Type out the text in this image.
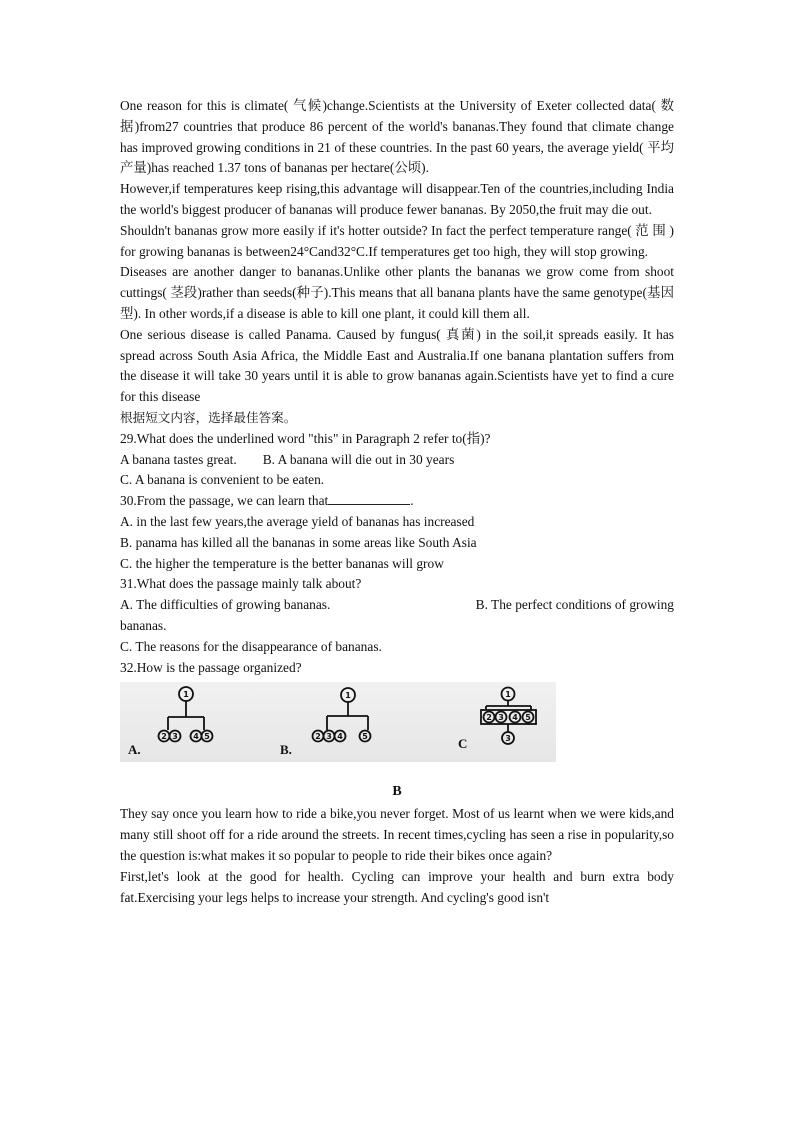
One reason for this is climate( 气候)change.Scientists at the University of Exeter collected data( 数据)from27 countries that produce 86 percent of the world's bananas.They found that climate change has improved growing conditions in 21 of these countries. In the past 60 years, the average yield( 平均产量)has reached 1.37 tons of bananas per hectare(公顷).

However,if temperatures keep rising,this advantage will disappear.Ten of the countries,including India the world's biggest producer of bananas will produce fewer bananas. By 2050,the fruit may die out.

Shouldn't bananas grow more easily if it's hotter outside? In fact the perfect temperature range( 范 围 ) for growing bananas is between24°Cand32°C.If temperatures get too high, they will stop growing.

Diseases are another danger to bananas.Unlike other plants the bananas we grow come from shoot cuttings( 茎段)rather than seeds(种子).This means that all banana plants have the same genotype(基因型). In other words,if a disease is able to kill one plant, it could kill them all.

One serious disease is called Panama. Caused by fungus( 真菌) in the soil,it spreads easily. It has spread across South Asia Africa, the Middle East and Australia.If one banana plantation suffers from the disease it will take 30 years until it is able to grow bananas again.Scientists have yet to find a cure for this disease

根据短文内容，选择最佳答案。

29.What does the underlined word "this" in Paragraph 2 refer to(指)?

A banana tastes great. B. A banana will die out in 30 years

C. A banana is convenient to be eaten.

30.From the passage, we can learn that	.

A. in the last few years,the average yield of bananas has increased

B. panama has killed all the bananas in some areas like South Asia

C. the higher the temperature is the better bananas will grow

31.What does the passage mainly talk about?

A. The difficulties of growing bananas.	B. The perfect conditions of growing

bananas.

C. The reasons for the disappearance of bananas.

32.How is the passage organized?

1
2 3 4 5
A.
1
2 3 4 5
B.
1
2 3 4 5
3
C
B

They say once you learn how to ride a bike,you never forget. Most of us learnt when we were kids,and many still shoot off for a ride around the streets. In recent times,cycling has seen a rise in popularity,so the question is:what makes it so popular to people to ride their bikes once again?

First,let's look at the good for health. Cycling can improve your health and burn extra body fat.Exercising your legs helps to increase your strength. And cycling's good isn't
